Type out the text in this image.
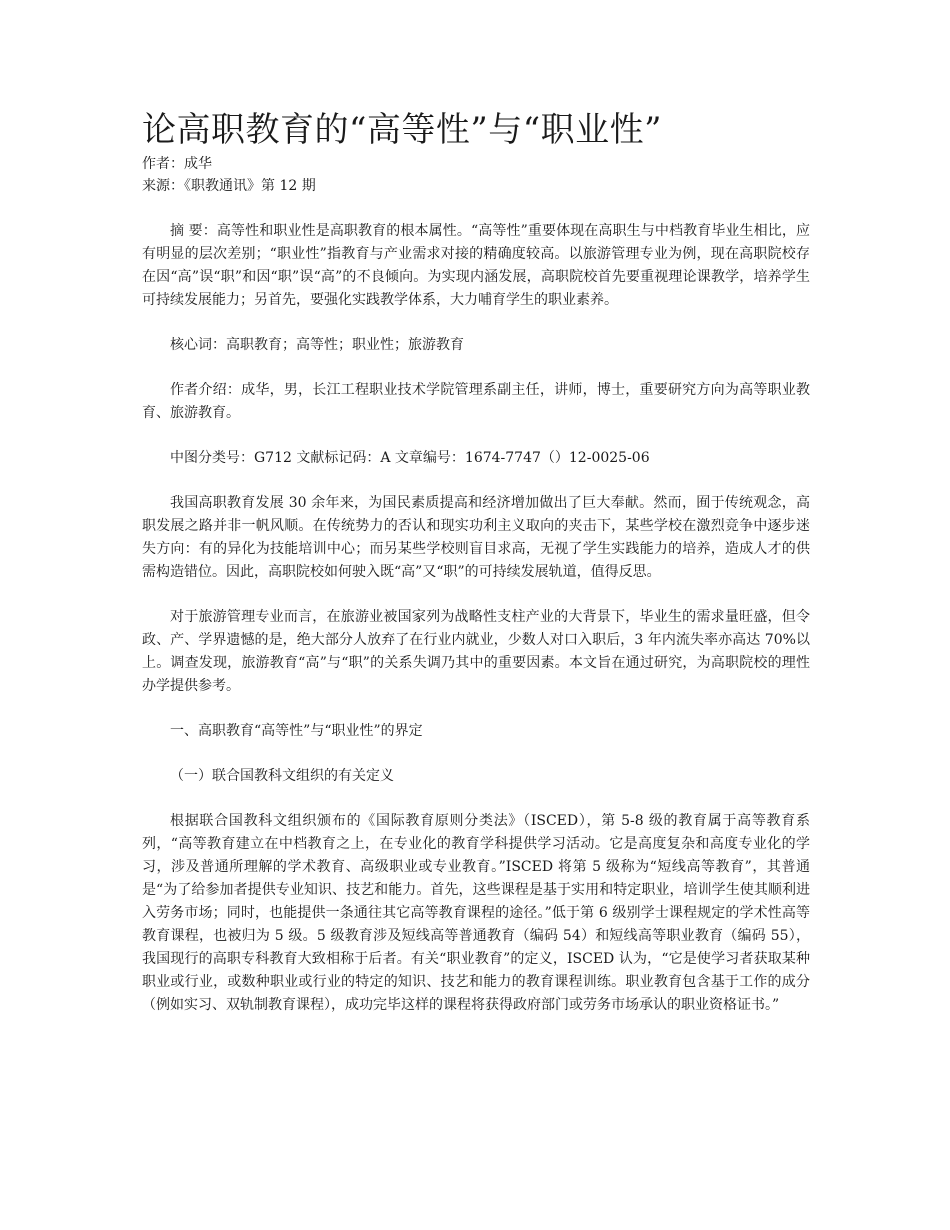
论高职教育的“高等性”与“职业性”

作者：成华

来源：《职教通讯》第 12 期

摘 要：高等性和职业性是高职教育的根本属性。“高等性”重要体现在高职生与中档教育毕业生相比，应有明显的层次差别；“职业性”指教育与产业需求对接的精确度较高。以旅游管理专业为例，现在高职院校存在因“高”误“职”和因“职”误“高”的不良倾向。为实现内涵发展，高职院校首先要重视理论课教学，培养学生可持续发展能力；另首先，要强化实践教学体系，大力哺育学生的职业素养。

核心词：高职教育；高等性；职业性；旅游教育

作者介绍：成华，男，长江工程职业技术学院管理系副主任，讲师，博士，重要研究方向为高等职业教育、旅游教育。

中图分类号：G712 文献标记码：A 文章编号：1674-7747（）12-0025-06

我国高职教育发展 30 余年来，为国民素质提高和经济增加做出了巨大奉献。然而，囿于传统观念，高职发展之路并非一帆风顺。在传统势力的否认和现实功利主义取向的夹击下，某些学校在激烈竞争中逐步迷失方向：有的异化为技能培训中心；而另某些学校则盲目求高，无视了学生实践能力的培养，造成人才的供需构造错位。因此，高职院校如何驶入既“高”又“职”的可持续发展轨道，值得反思。

对于旅游管理专业而言，在旅游业被国家列为战略性支柱产业的大背景下，毕业生的需求量旺盛，但令政、产、学界遗憾的是，绝大部分人放弃了在行业内就业，少数人对口入职后，3 年内流失率亦高达 70%以上。调查发现，旅游教育“高”与“职”的关系失调乃其中的重要因素。本文旨在通过研究，为高职院校的理性办学提供参考。

一、高职教育“高等性”与“职业性”的界定

（一）联合国教科文组织的有关定义

根据联合国教科文组织颁布的《国际教育原则分类法》（ISCED），第 5-8 级的教育属于高等教育系列，“高等教育建立在中档教育之上，在专业化的教育学科提供学习活动。它是高度复杂和高度专业化的学习，涉及普通所理解的学术教育、高级职业或专业教育。”ISCED 将第 5 级称为“短线高等教育”，其普通是“为了给参加者提供专业知识、技艺和能力。首先，这些课程是基于实用和特定职业，培训学生使其顺利进入劳务市场；同时，也能提供一条通往其它高等教育课程的途径。”低于第 6 级别学士课程规定的学术性高等教育课程，也被归为 5 级。5 级教育涉及短线高等普通教育（编码 54）和短线高等职业教育（编码 55），我国现行的高职专科教育大致相称于后者。有关“职业教育”的定义，ISCED 认为，“它是使学习者获取某种职业或行业，或数种职业或行业的特定的知识、技艺和能力的教育课程训练。职业教育包含基于工作的成分（例如实习、双轨制教育课程），成功完毕这样的课程将获得政府部门或劳务市场承认的职业资格证书。”
